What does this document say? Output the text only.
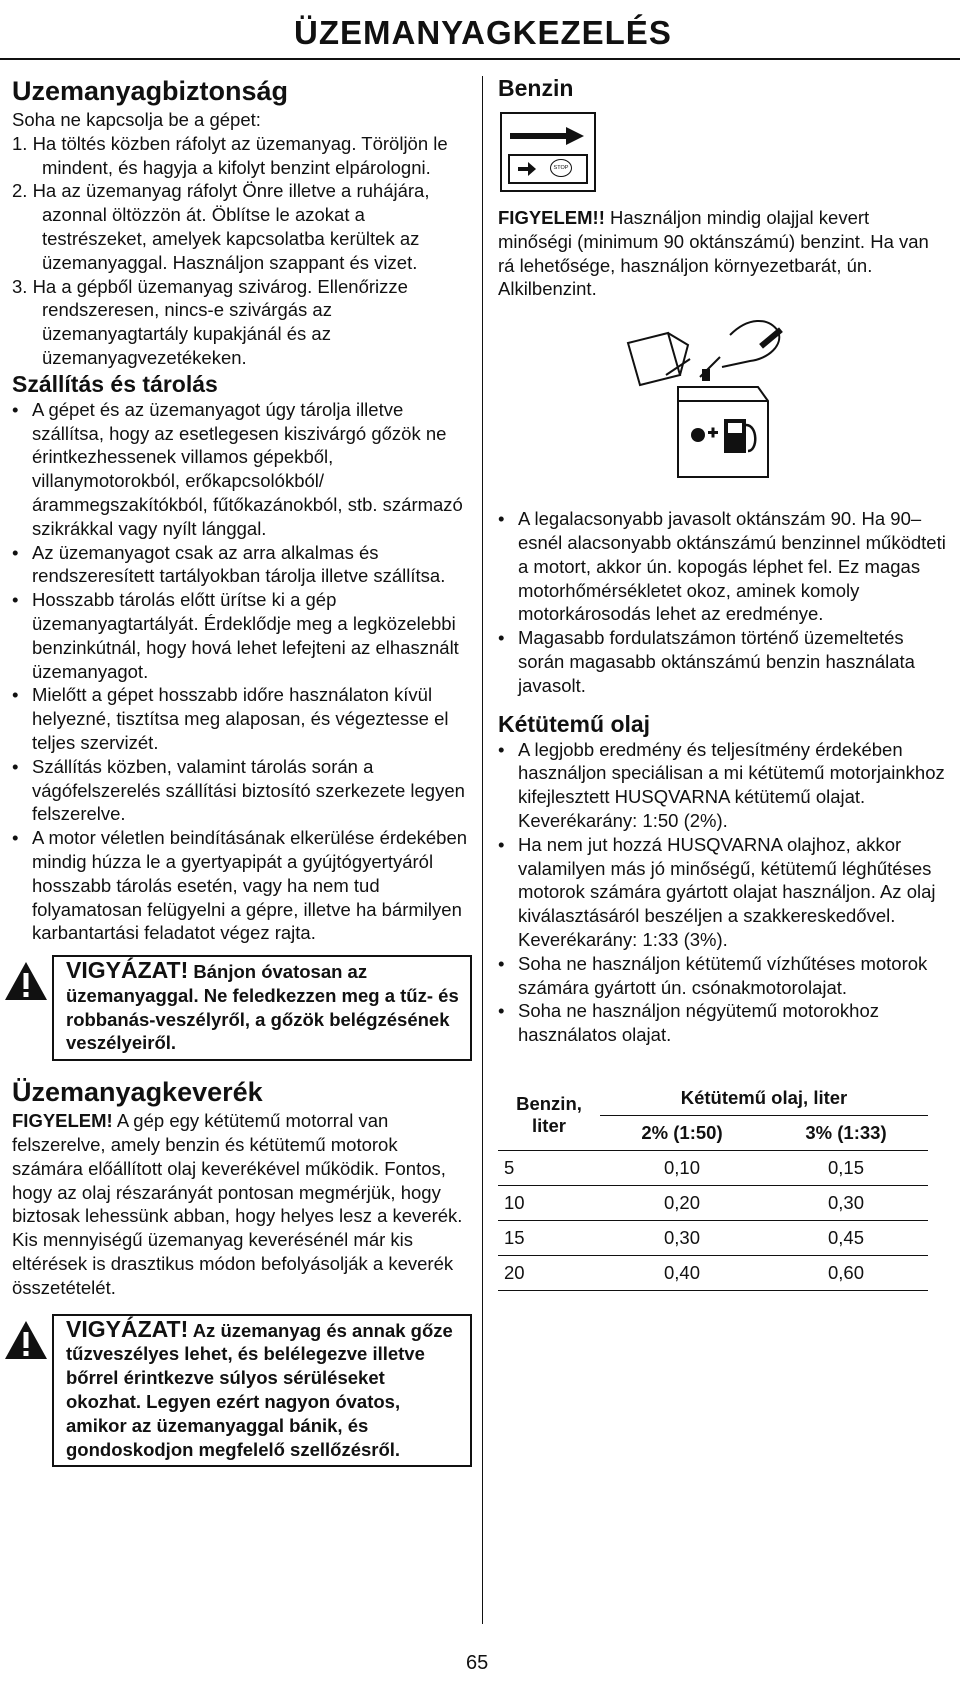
ÜZEMANYAGKEZELÉS
Uzemanyagbiztonság

Soha ne kapcsolja be a gépet:

1. Ha töltés közben ráfolyt az üzemanyag. Töröljön le mindent, és hagyja a kifolyt benzint elpárologni.
2. Ha az üzemanyag ráfolyt Önre illetve a ruhájára, azonnal öltözzön át. Öblítse le azokat a testrészeket, amelyek kapcsolatba kerültek az üzemanyaggal. Használjon szappant és vizet.
3. Ha a gépből üzemanyag szivárog. Ellenőrizze rendszeresen, nincs-e szivárgás az üzemanyagtartály kupakjánál és az üzemanyagvezetékeken.
Szállítás és tárolás
• A gépet és az üzemanyagot úgy tárolja illetve szállítsa, hogy az esetlegesen kiszivárgó gőzök ne érintkezhessenek villamos gépekből, villanymotorokból, erőkapcsolókból/árammegszakítókból, fűtőkazánokból, stb. származó szikrákkal vagy nyílt lánggal.
• Az üzemanyagot csak az arra alkalmas és rendszeresített tartályokban tárolja illetve szállítsa.
• Hosszabb tárolás előtt ürítse ki a gép üzemanyagtartályát. Érdeklődje meg a legközelebbi benzinkútnál, hogy hová lehet lefejteni az elhasznált üzemanyagot.
• Mielőtt a gépet hosszabb időre használaton kívül helyezné, tisztítsa meg alaposan, és végeztesse el teljes szervizét.
• Szállítás közben, valamint tárolás során a vágófelszerelés szállítási biztosító szerkezete legyen felszerelve.
• A motor véletlen beindításának elkerülése érdekében mindig húzza le a gyertyapipát a gyújtógyertyáról hosszabb tárolás esetén, vagy ha nem tud folyamatosan felügyelni a gépre, illetve ha bármilyen karbantartási feladatot végez rajta.
VIGYÁZAT! Bánjon óvatosan az üzemanyaggal. Ne feledkezzen meg a tűz- és robbanás-veszélyről, a gőzök belégzésének veszélyeiről.
Üzemanyagkeverék

FIGYELEM! A gép egy kétütemű motorral van felszerelve, amely benzin és kétütemű motorok számára előállított olaj keverékével működik. Fontos, hogy az olaj részarányát pontosan megmérjük, hogy biztosak lehessünk abban, hogy helyes lesz a keverék. Kis mennyiségű üzemanyag keverésénél már kis eltérések is drasztikus módon befolyásolják a keverék összetételét.

VIGYÁZAT! Az üzemanyag és annak gőze tűzveszélyes lehet, és belélegezve illetve bőrrel érintkezve súlyos sérüléseket okozhat. Legyen ezért nagyon óvatos, amikor az üzemanyaggal bánik, és gondoskodjon megfelelő szellőzésről.
Benzin
STOP

FIGYELEM!! Használjon mindig olajjal kevert minőségi (minimum 90 oktánszámú) benzint. Ha van rá lehetősége, használjon környezetbarát, ún. Alkilbenzint.

• A legalacsonyabb javasolt oktánszám 90. Ha 90–esnél alacsonyabb oktánszámú benzinnel működteti a motort, akkor ún. kopogás léphet fel. Ez magas motorhőmérsékletet okoz, aminek komoly motorkárosodás lehet az eredménye.
• Magasabb fordulatszámon történő üzemeltetés során magasabb oktánszámú benzin használata javasolt.
Kétütemű olaj
• A legjobb eredmény és teljesítmény érdekében használjon speciálisan a mi kétütemű motorjainkhoz kifejlesztett HUSQVARNA kétütemű olajat. Keverékarány: 1:50 (2%).
• Ha nem jut hozzá HUSQVARNA olajhoz, akkor valamilyen más jó minőségű, kétütemű léghűtéses motorok számára gyártott olajat használjon. Az olaj kiválasztásáról beszéljen a szakkereskedővel. Keverékarány: 1:33 (3%).
• Soha ne használjon kétütemű vízhűtéses motorok számára gyártott ún. csónakmotorolajat.
• Soha ne használjon négyütemű motorokhoz használatos olajat.
Benzin, liter	Kétütemű olaj, liter	
	2% (1:50)	3% (1:33)
5	0,10	0,15
10	0,20	0,30
15	0,30	0,45
20	0,40	0,60
65
